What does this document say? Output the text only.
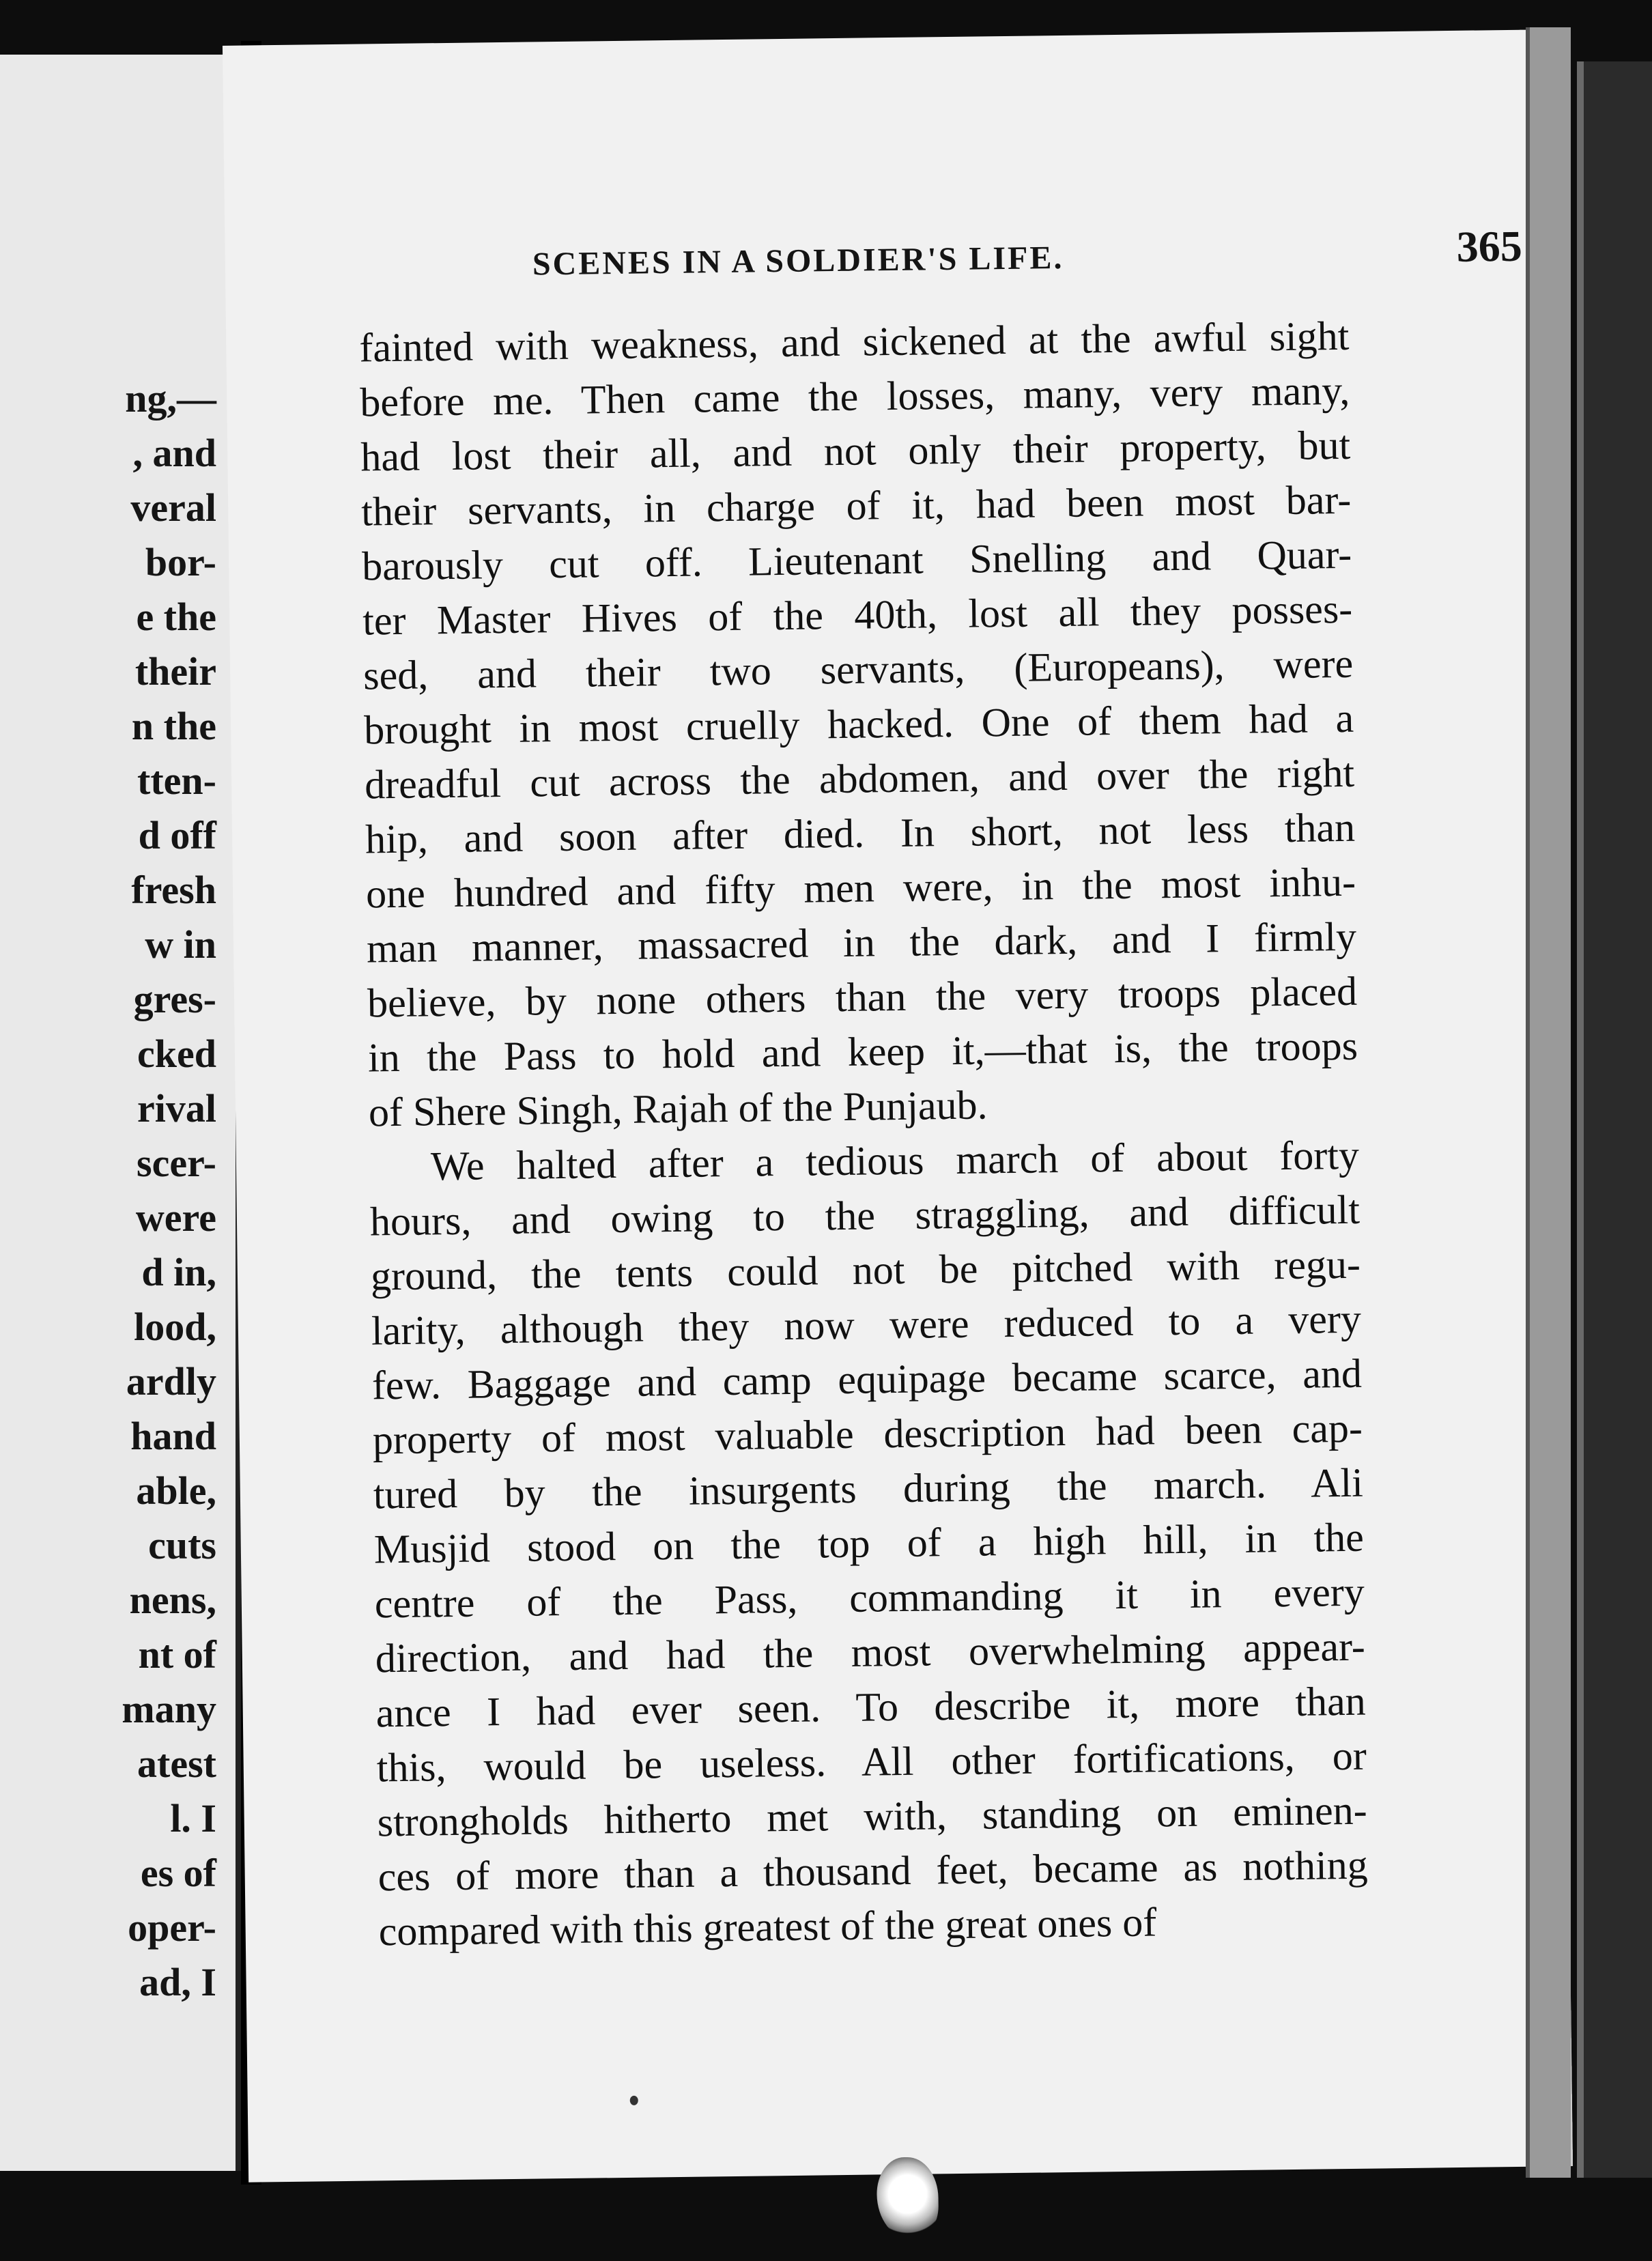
ng,—
, and
veral
bor-
e the
their
n the
tten-
d off
fresh
w in
gres-
cked
rival
scer-
were
d in,
lood,
ardly
hand
able,
cuts
nens,
nt of
many
atest
l. I
es of
oper-
ad, I
SCENES IN A SOLDIER'S LIFE.	365
fainted with weakness, and sickened at the awful sight
before me. Then came the losses, many, very many,
had lost their all, and not only their property, but
their servants, in charge of it, had been most bar-
barously cut off. Lieutenant Snelling and Quar-
ter Master Hives of the 40th, lost all they posses-
sed, and their two servants, (Europeans), were
brought in most cruelly hacked. One of them had a
dreadful cut across the abdomen, and over the right
hip, and soon after died. In short, not less than
one hundred and fifty men were, in the most inhu-
man manner, massacred in the dark, and I firmly
believe, by none others than the very troops placed
in the Pass to hold and keep it,—that is, the troops
of Shere Singh, Rajah of the Punjaub.
We halted after a tedious march of about forty
hours, and owing to the straggling, and difficult
ground, the tents could not be pitched with regu-
larity, although they now were reduced to a very
few. Baggage and camp equipage became scarce, and
property of most valuable description had been cap-
tured by the insurgents during the march. Ali
Musjid stood on the top of a high hill, in the
centre of the Pass, commanding it in every
direction, and had the most overwhelming appear-
ance I had ever seen. To describe it, more than
this, would be useless. All other fortifications, or
strongholds hitherto met with, standing on eminen-
ces of more than a thousand feet, became as nothing
compared with this greatest of the great ones of
